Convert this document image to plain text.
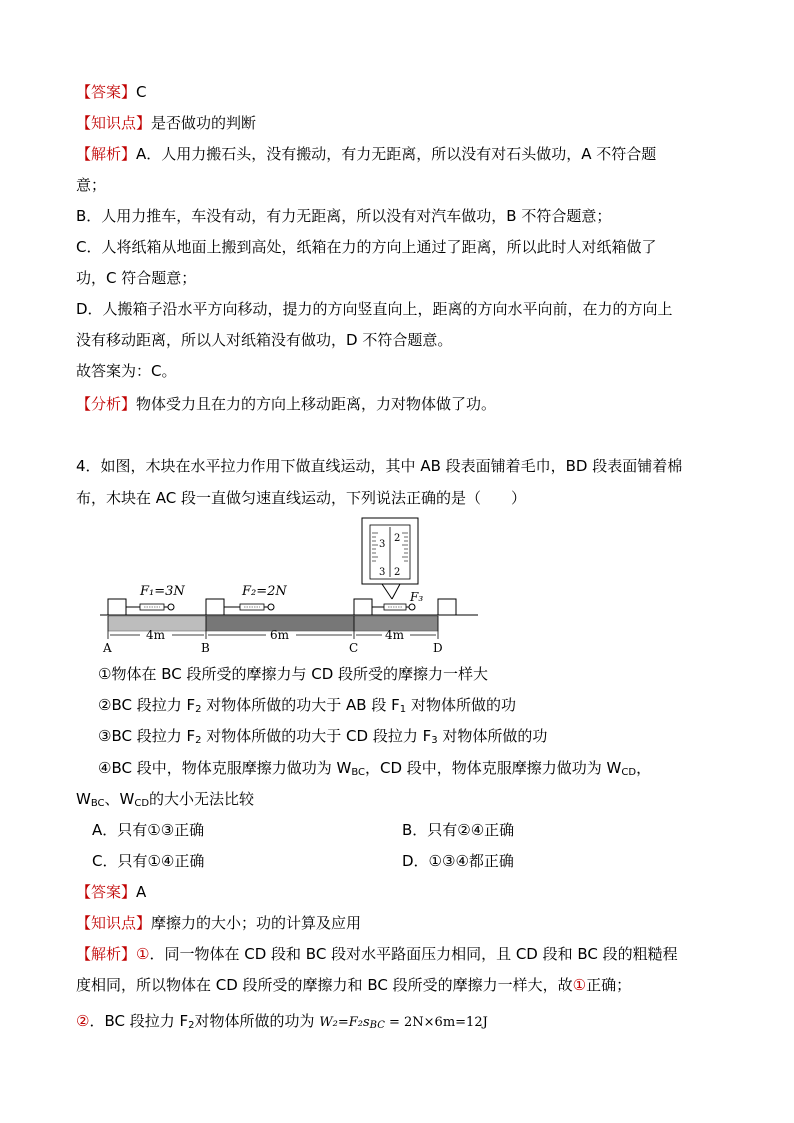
【答案】C
【知识点】是否做功的判断
【解析】A．人用力搬石头，没有搬动，有力无距离，所以没有对石头做功，A 不符合题
意；
B．人用力推车，车没有动，有力无距离，所以没有对汽车做功，B 不符合题意；
C．人将纸箱从地面上搬到高处，纸箱在力的方向上通过了距离，所以此时人对纸箱做了
功，C 符合题意；
D．人搬箱子沿水平方向移动，提力的方向竖直向上，距离的方向水平向前，在力的方向上
没有移动距离，所以人对纸箱没有做功，D 不符合题意。
故答案为：C。
【分析】物体受力且在力的方向上移动距离，力对物体做了功。
4．如图，木块在水平拉力作用下做直线运动，其中 AB 段表面铺着毛巾，BD 段表面铺着棉
布，木块在 AC 段一直做匀速直线运动，下列说法正确的是（　　）
2
3
3 2
F₁=3N	F₂=2N	F₃
4m	6m	4m
A	B	C	D
①物体在 BC 段所受的摩擦力与 CD 段所受的摩擦力一样大
②BC 段拉力 $F_2$ 对物体所做的功大于 AB 段 $F_1$ 对物体所做的功
③BC 段拉力 $F_2$ 对物体所做的功大于 CD 段拉力 $F_3$ 对物体所做的功
④BC 段中，物体克服摩擦力做功为 $W_{BC}$，CD 段中，物体克服摩擦力做功为 $W_{CD}$，
$W_{BC}$、$W_{CD}$的大小无法比较
A．只有①③正确	B．只有②④正确
C．只有①④正确	D．①③④都正确
【答案】A
【知识点】摩擦力的大小；功的计算及应用
【解析】①．同一物体在 CD 段和 BC 段对水平路面压力相同，且 CD 段和 BC 段的粗糙程
度相同，所以物体在 CD 段所受的摩擦力和 BC 段所受的摩擦力一样大，故①正确；
②．BC 段拉力 $F_2$对物体所做的功为 $W_2=F_2s_{BC} = 2N\times 6m=12J$
